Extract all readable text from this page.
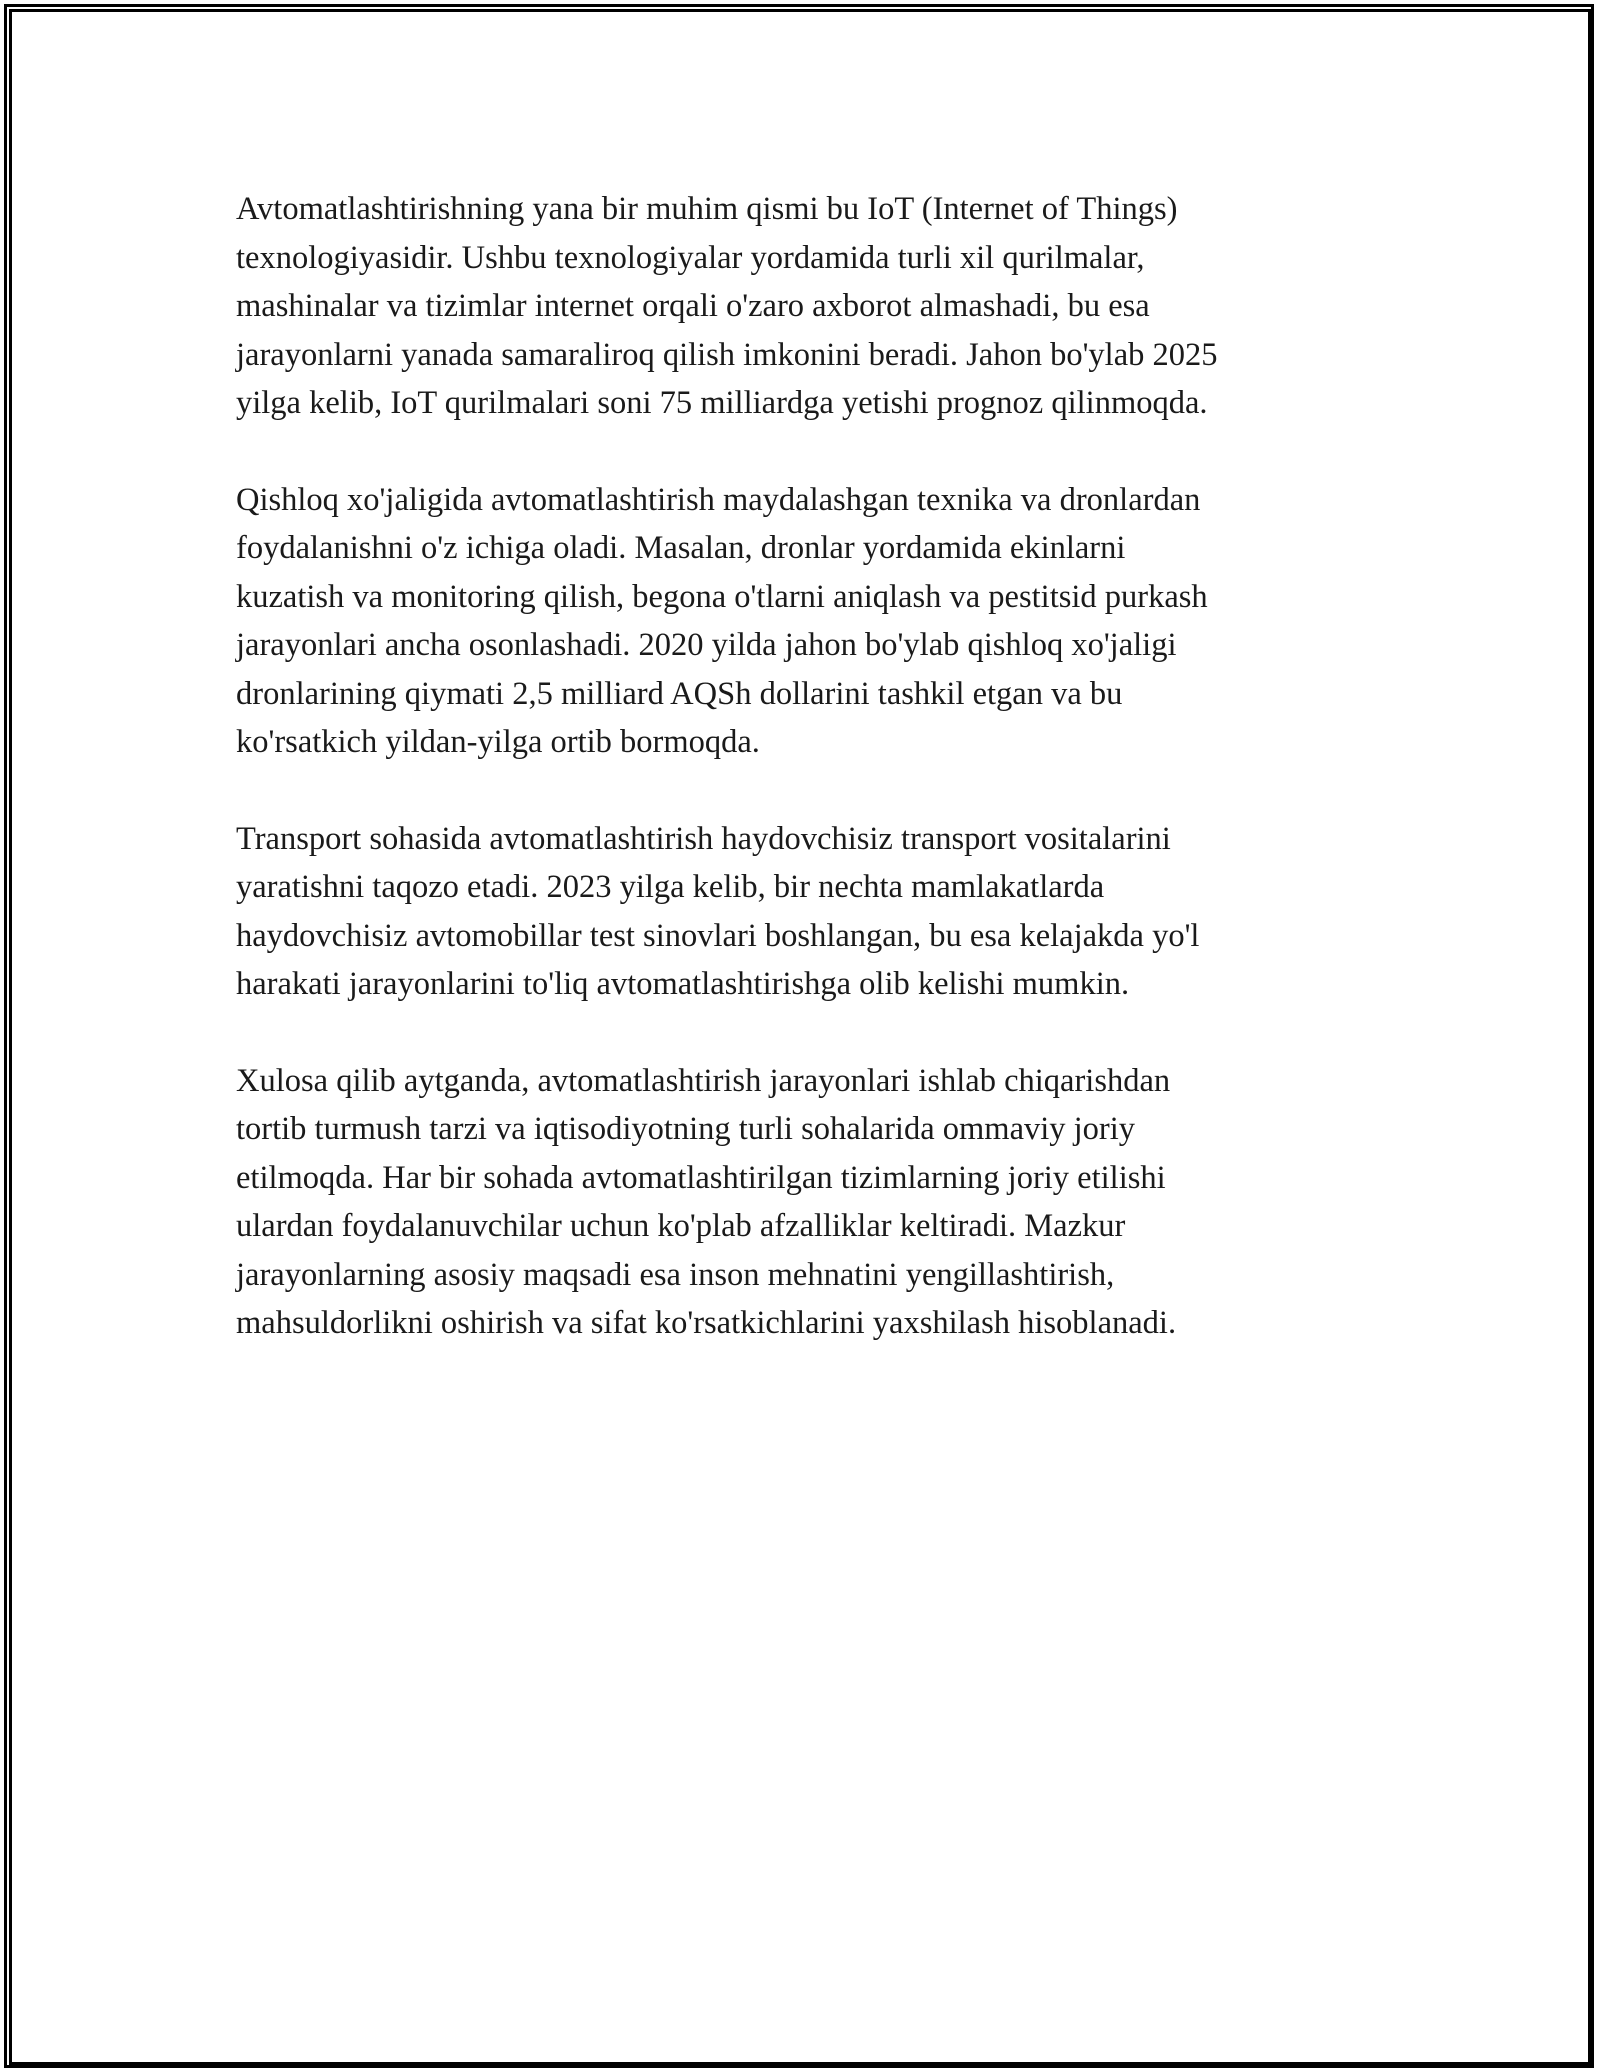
Avtomatlashtirishning yana bir muhim qismi bu IoT (Internet of Things)
texnologiyasidir. Ushbu texnologiyalar yordamida turli xil qurilmalar,
mashinalar va tizimlar internet orqali o'zaro axborot almashadi, bu esa
jarayonlarni yanada samaraliroq qilish imkonini beradi. Jahon bo'ylab 2025
yilga kelib, IoT qurilmalari soni 75 milliardga yetishi prognoz qilinmoqda.

Qishloq xo'jaligida avtomatlashtirish maydalashgan texnika va dronlardan
foydalanishni o'z ichiga oladi. Masalan, dronlar yordamida ekinlarni
kuzatish va monitoring qilish, begona o'tlarni aniqlash va pestitsid purkash
jarayonlari ancha osonlashadi. 2020 yilda jahon bo'ylab qishloq xo'jaligi
dronlarining qiymati 2,5 milliard AQSh dollarini tashkil etgan va bu
ko'rsatkich yildan-yilga ortib bormoqda.

Transport sohasida avtomatlashtirish haydovchisiz transport vositalarini
yaratishni taqozo etadi. 2023 yilga kelib, bir nechta mamlakatlarda
haydovchisiz avtomobillar test sinovlari boshlangan, bu esa kelajakda yo'l
harakati jarayonlarini to'liq avtomatlashtirishga olib kelishi mumkin.

Xulosa qilib aytganda, avtomatlashtirish jarayonlari ishlab chiqarishdan
tortib turmush tarzi va iqtisodiyotning turli sohalarida ommaviy joriy
etilmoqda. Har bir sohada avtomatlashtirilgan tizimlarning joriy etilishi
ulardan foydalanuvchilar uchun ko'plab afzalliklar keltiradi. Mazkur
jarayonlarning asosiy maqsadi esa inson mehnatini yengillashtirish,
mahsuldorlikni oshirish va sifat ko'rsatkichlarini yaxshilash hisoblanadi.
